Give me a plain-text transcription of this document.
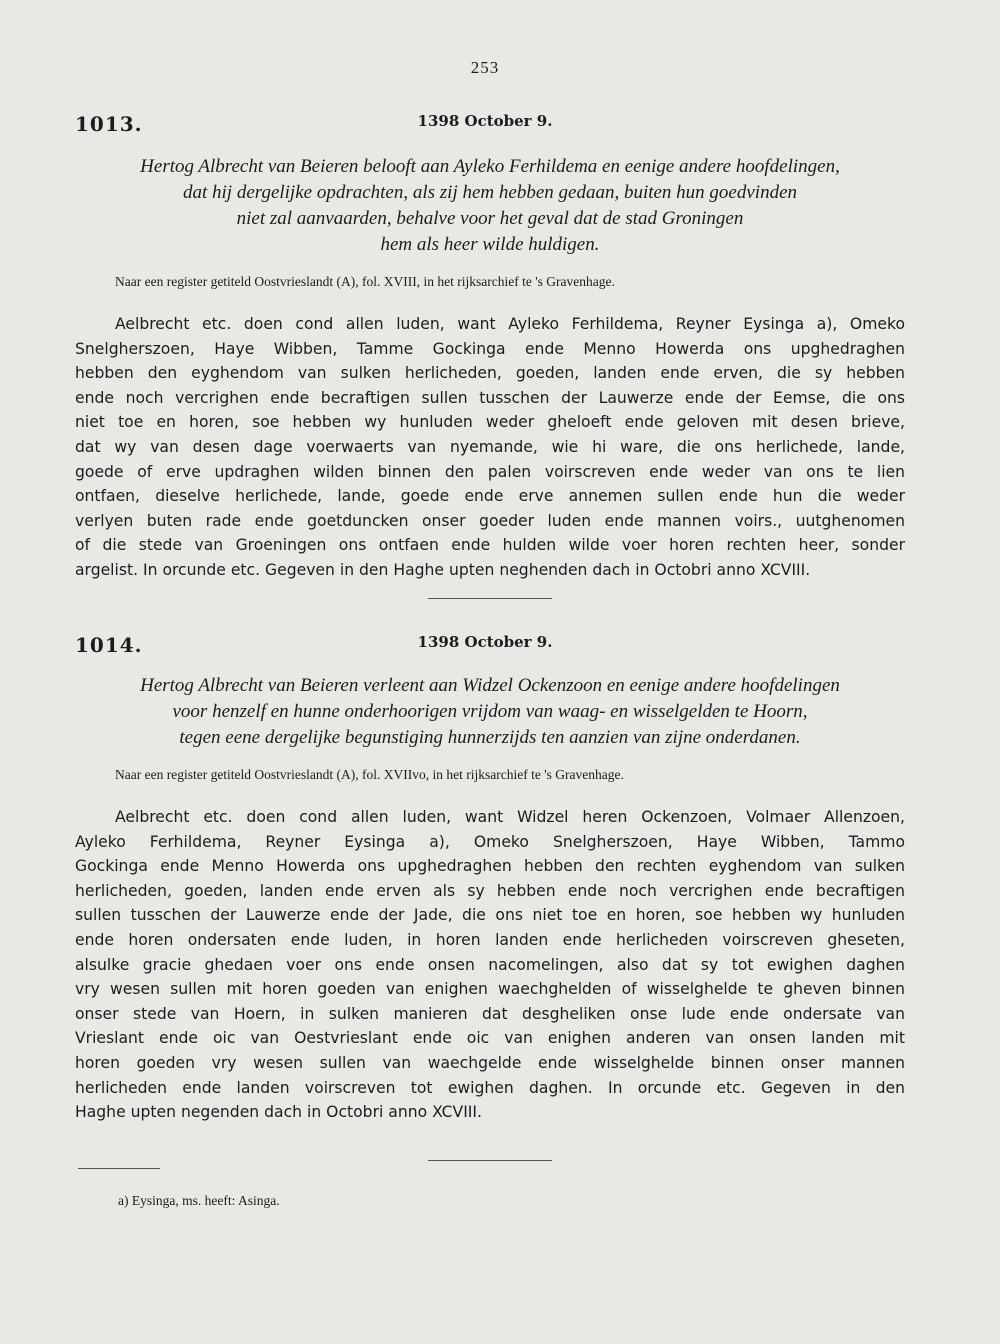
253
1013.	1398 October 9.

Hertog Albrecht van Beieren belooft aan Ayleko Ferhildema en eenige andere hoofdelingen,
dat hij dergelijke opdrachten, als zij hem hebben gedaan, buiten hun goedvinden
niet zal aanvaarden, behalve voor het geval dat de stad Groningen
hem als heer wilde huldigen.

Naar een register getiteld Oostvrieslandt (A), fol. XVIII, in het rijksarchief te 's Gravenhage.

Aelbrecht etc. doen cond allen luden, want Ayleko Ferhildema, Reyner Eysinga a), Omeko
Snelgherszoen, Haye Wibben, Tamme Gockinga ende Menno Howerda ons upghedraghen
hebben den eyghendom van sulken herlicheden, goeden, landen ende erven, die sy hebben
ende noch vercrighen ende becraftigen sullen tusschen der Lauwerze ende der Eemse, die ons
niet toe en horen, soe hebben wy hunluden weder gheloeft ende geloven mit desen brieve,
dat wy van desen dage voerwaerts van nyemande, wie hi ware, die ons herlichede, lande,
goede of erve updraghen wilden binnen den palen voirscreven ende weder van ons te lien
ontfaen, dieselve herlichede, lande, goede ende erve annemen sullen ende hun die weder
verlyen buten rade ende goetduncken onser goeder luden ende mannen voirs., uutghenomen
of die stede van Groeningen ons ontfaen ende hulden wilde voer horen rechten heer, sonder
argelist. In orcunde etc. Gegeven in den Haghe upten neghenden dach in Octobri anno XCVIII.

1014.	1398 October 9.

Hertog Albrecht van Beieren verleent aan Widzel Ockenzoon en eenige andere hoofdelingen
voor henzelf en hunne onderhoorigen vrijdom van waag- en wisselgelden te Hoorn,
tegen eene dergelijke begunstiging hunnerzijds ten aanzien van zijne onderdanen.

Naar een register getiteld Oostvrieslandt (A), fol. XVIIvo, in het rijksarchief te 's Gravenhage.

Aelbrecht etc. doen cond allen luden, want Widzel heren Ockenzoen, Volmaer Allenzoen,
Ayleko Ferhildema, Reyner Eysinga a), Omeko Snelgherszoen, Haye Wibben, Tammo
Gockinga ende Menno Howerda ons upghedraghen hebben den rechten eyghendom van sulken
herlicheden, goeden, landen ende erven als sy hebben ende noch vercrighen ende becraftigen
sullen tusschen der Lauwerze ende der Jade, die ons niet toe en horen, soe hebben wy hunluden
ende horen ondersaten ende luden, in horen landen ende herlicheden voirscreven gheseten,
alsulke gracie ghedaen voer ons ende onsen nacomelingen, also dat sy tot ewighen daghen
vry wesen sullen mit horen goeden van enighen waechghelden of wisselghelde te gheven binnen
onser stede van Hoern, in sulken manieren dat desgheliken onse lude ende ondersate van
Vrieslant ende oic van Oestvrieslant ende oic van enighen anderen van onsen landen mit
horen goeden vry wesen sullen van waechgelde ende wisselghelde binnen onser mannen
herlicheden ende landen voirscreven tot ewighen daghen. In orcunde etc. Gegeven in den
Haghe upten negenden dach in Octobri anno XCVIII.

a) Eysinga, ms. heeft: Asinga.
